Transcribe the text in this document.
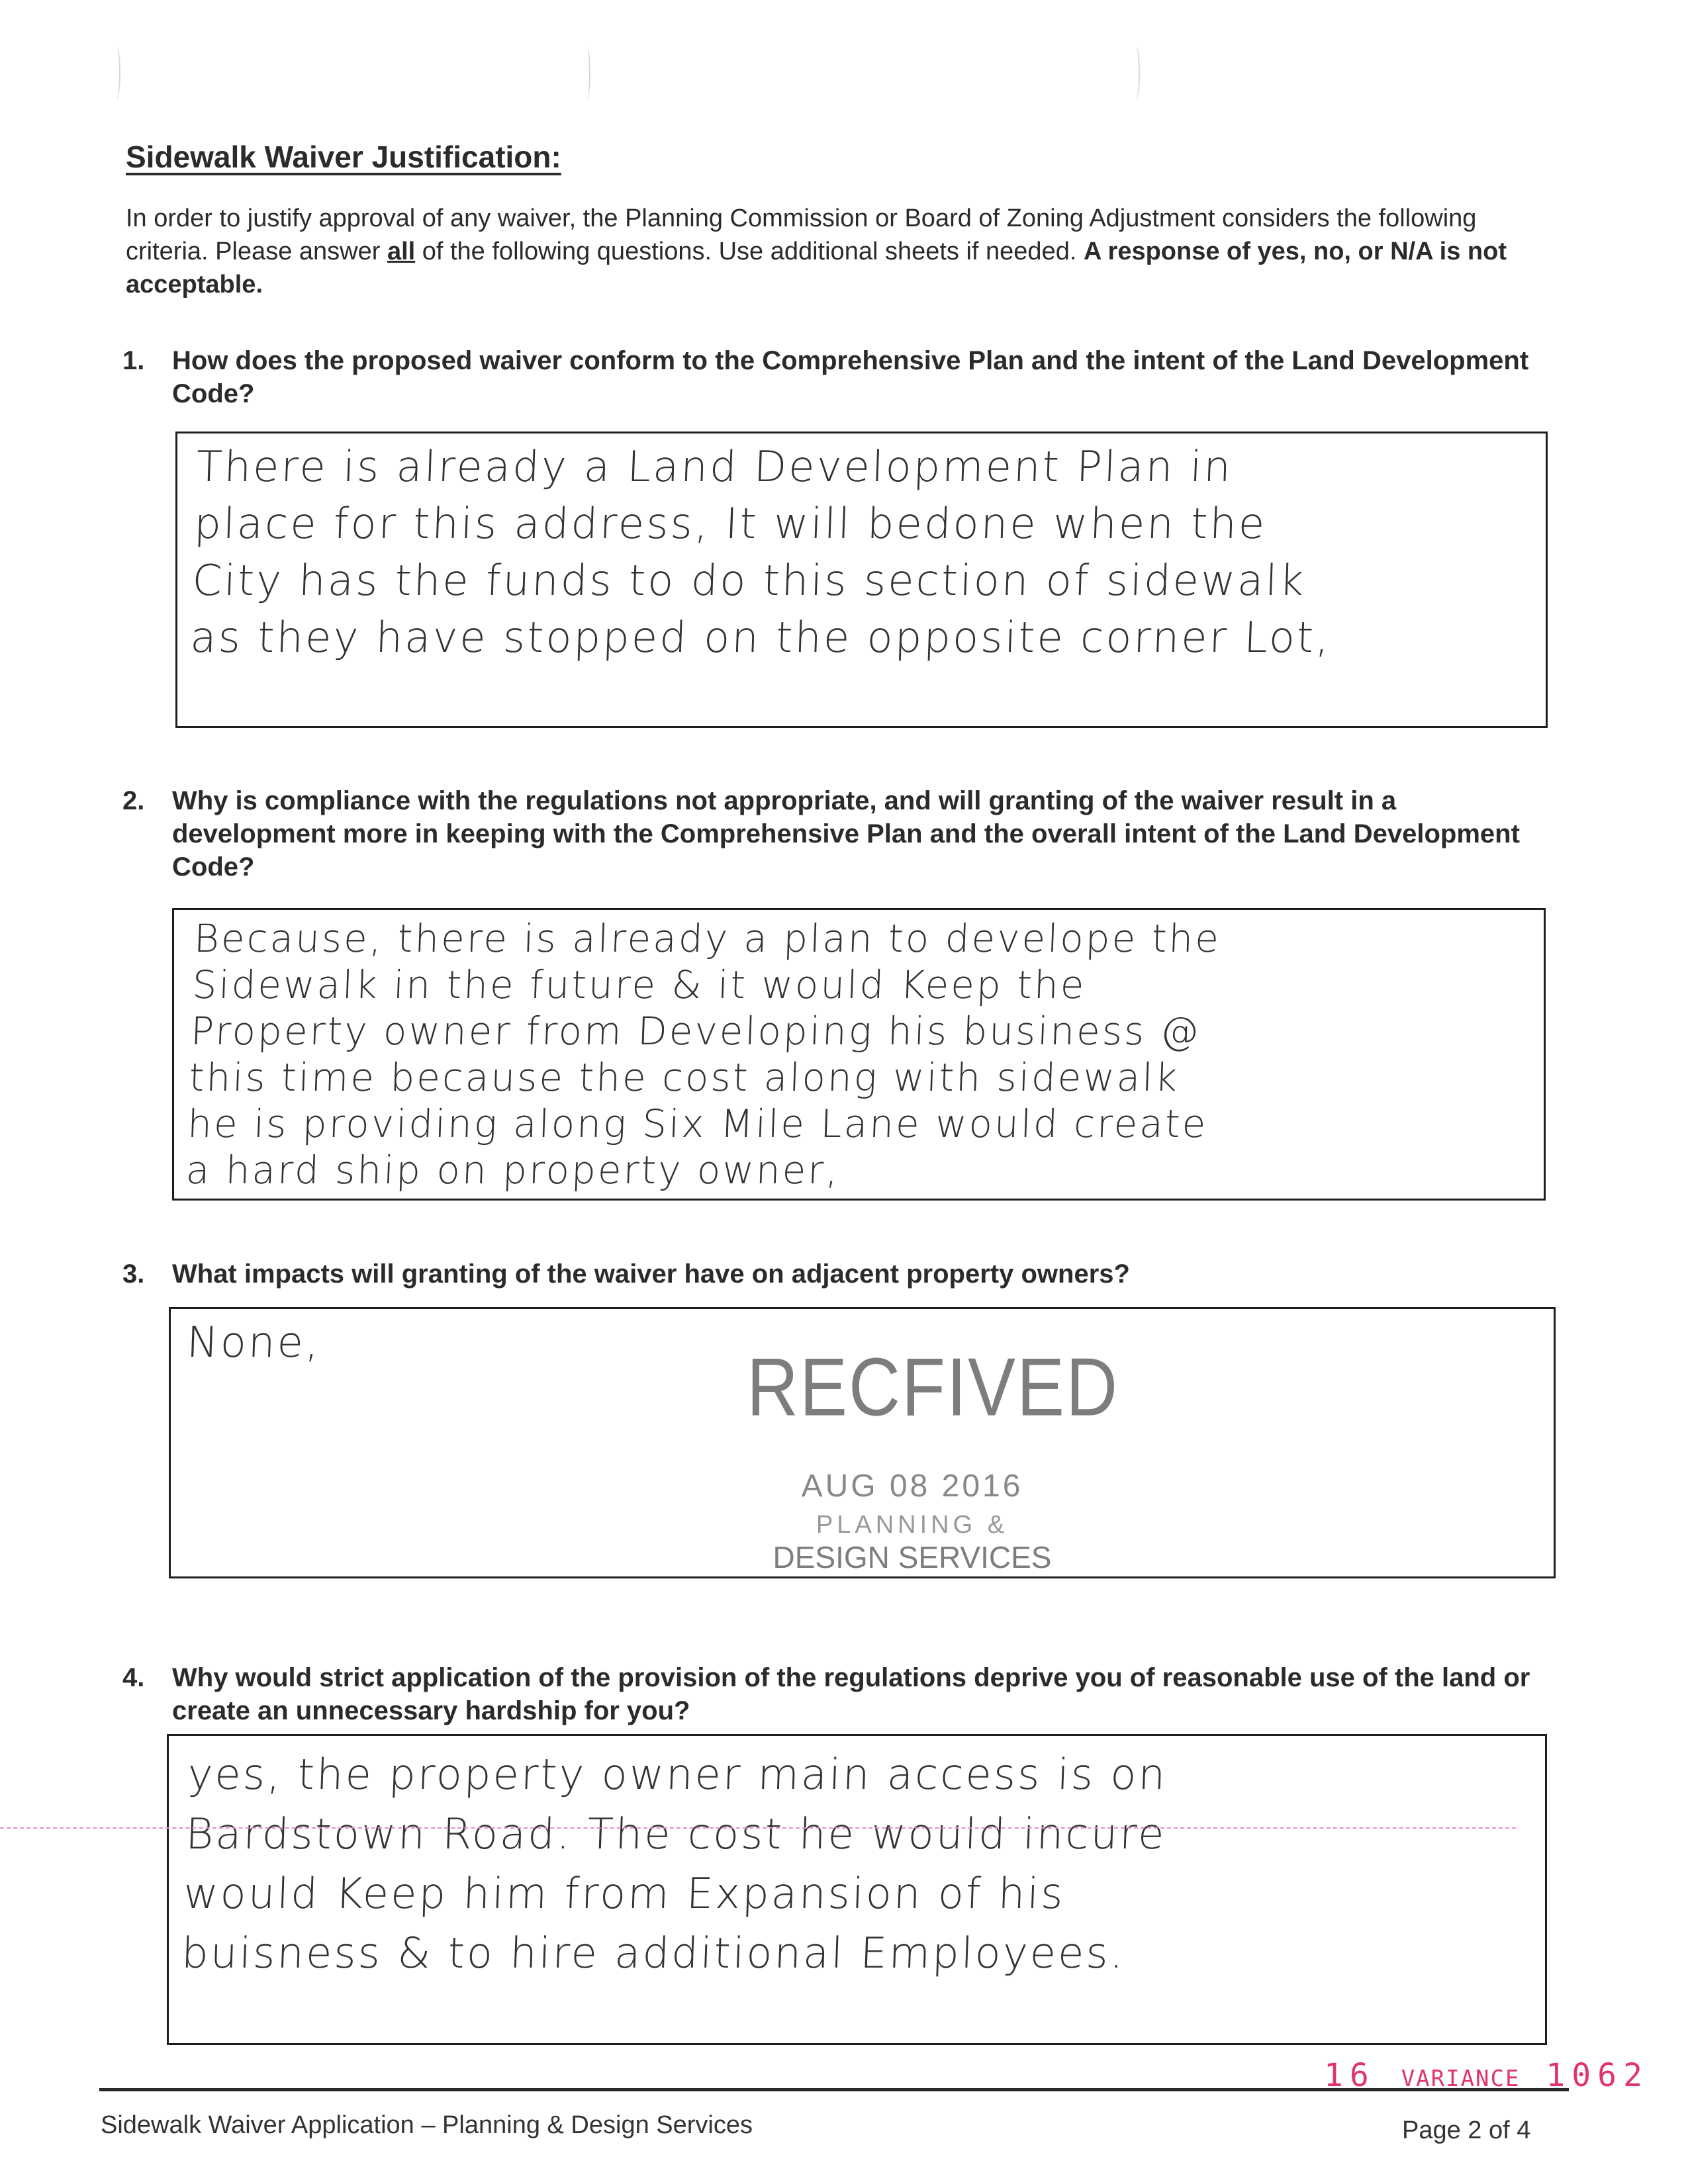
Sidewalk Waiver Justification:
In order to justify approval of any waiver, the Planning Commission or Board of Zoning Adjustment considers the following criteria. Please answer all of the following questions. Use additional sheets if needed. A response of yes, no, or N/A is not acceptable.
1.	How does the proposed waiver conform to the Comprehensive Plan and the intent of the Land Development Code?
There is already a Land Development Plan in
place for this address, It will bedone when the
City has the funds to do this section of sidewalk
as they have stopped on the opposite corner Lot,
2.	Why is compliance with the regulations not appropriate, and will granting of the waiver result in a development more in keeping with the Comprehensive Plan and the overall intent of the Land Development Code?
Because, there is already a plan to develope the
Sidewalk in the future & it would Keep the
Property owner from Developing his business @
this time because the cost along with sidewalk
he is providing along Six Mile Lane would create
a hard ship on property owner,
3.	What impacts will granting of the waiver have on adjacent property owners?
None,	RECFIVED
AUG 08 2016
PLANNING &
DESIGN SERVICES
4.	Why would strict application of the provision of the regulations deprive you of reasonable use of the land or create an unnecessary hardship for you?
yes, the property owner main access is on
Bardstown Road. The cost he would incure
would Keep him from Expansion of his
buisness & to hire additional Employees.
16 VARIANCE 1062
Sidewalk Waiver Application – Planning & Design Services	Page 2 of 4
